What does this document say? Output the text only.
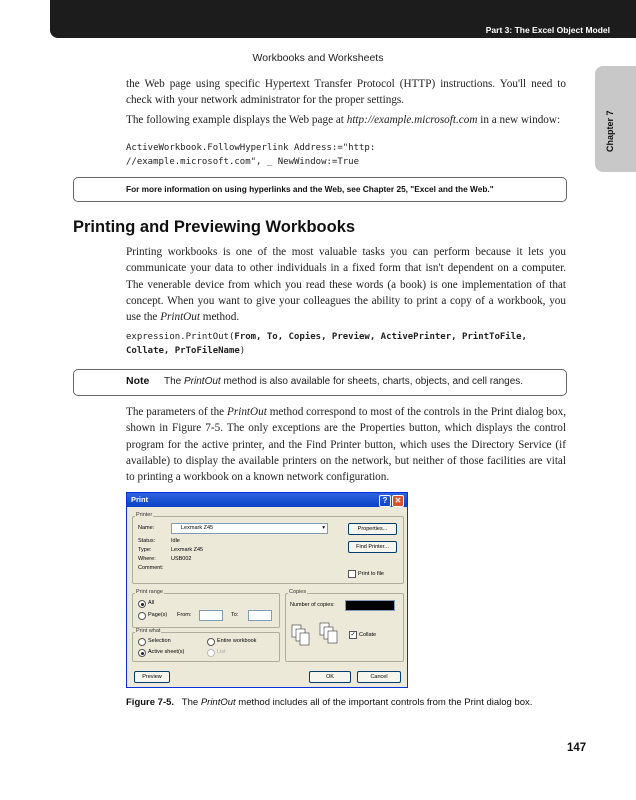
Part 3: The Excel Object Model
Workbooks and Worksheets
Chapter 7
the Web page using specific Hypertext Transfer Protocol (HTTP) instructions. You'll need to check with your network administrator for the proper settings.
The following example displays the Web page at http://example.microsoft.com in a new window:
ActiveWorkbook.FollowHyperlink Address:="http:
//example.microsoft.com", _ NewWindow:=True
For more information on using hyperlinks and the Web, see Chapter 25, "Excel and the Web."
Printing and Previewing Workbooks
Printing workbooks is one of the most valuable tasks you can perform because it lets you communicate your data to other individuals in a fixed form that isn't dependent on a computer. The venerable device from which you read these words (a book) is one implementation of that concept. When you want to give your colleagues the ability to print a copy of a workbook, you use the PrintOut method.
expression.PrintOut(From, To, Copies, Preview, ActivePrinter, PrintToFile,
Collate, PrToFileName)
Note The PrintOut method is also available for sheets, charts, objects, and cell ranges.
The parameters of the PrintOut method correspond to most of the controls in the Print dialog box, shown in Figure 7-5. The only exceptions are the Properties button, which displays the control program for the active printer, and the Find Printer button, which uses the Directory Service (if available) to display the available printers on the network, but neither of those facilities are vital to printing a workbook on a known network configuration.
Print	? ✕
Printer
Name:	Lexmark Z45	▾
Status:	Idle
Type:	Lexmark Z45
Where:	USB002
Comment:
Properties...
Find Printer...
Print to file
Print range
All
Page(s) From:	To:
Print what
Selection	Entire workbook
Active sheet(s)	List
Copies
Number of copies:
✓ Collate
Preview	OK	Cancel
Figure 7-5. The PrintOut method includes all of the important controls from the Print dialog box.
147
